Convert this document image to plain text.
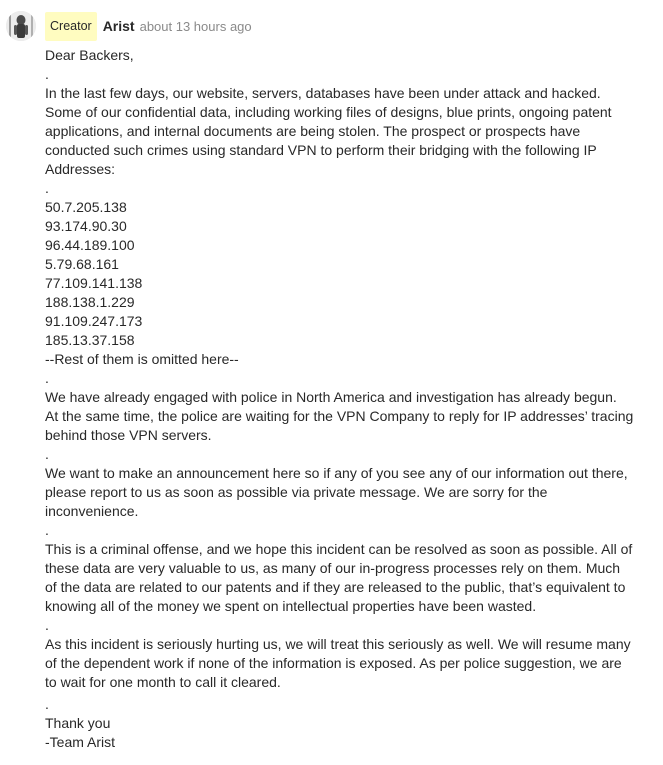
Creator Arist about 13 hours ago

Dear Backers,

.

In the last few days, our website, servers, databases have been under attack and hacked.

Some of our confidential data, including working files of designs, blue prints, ongoing patent

applications, and internal documents are being stolen. The prospect or prospects have

conducted such crimes using standard VPN to perform their bridging with the following IP

Addresses:

.

50.7.205.138

93.174.90.30

96.44.189.100

5.79.68.161

77.109.141.138

188.138.1.229

91.109.247.173

185.13.37.158

--Rest of them is omitted here--

.

We have already engaged with police in North America and investigation has already begun.

At the same time, the police are waiting for the VPN Company to reply for IP addresses’ tracing

behind those VPN servers.

.

We want to make an announcement here so if any of you see any of our information out there,

please report to us as soon as possible via private message. We are sorry for the

inconvenience.

.

This is a criminal offense, and we hope this incident can be resolved as soon as possible. All of

these data are very valuable to us, as many of our in-progress processes rely on them. Much

of the data are related to our patents and if they are released to the public, that’s equivalent to

knowing all of the money we spent on intellectual properties have been wasted.

.

As this incident is seriously hurting us, we will treat this seriously as well. We will resume many

of the dependent work if none of the information is exposed. As per police suggestion, we are

to wait for one month to call it cleared.

.

Thank you

-Team Arist
